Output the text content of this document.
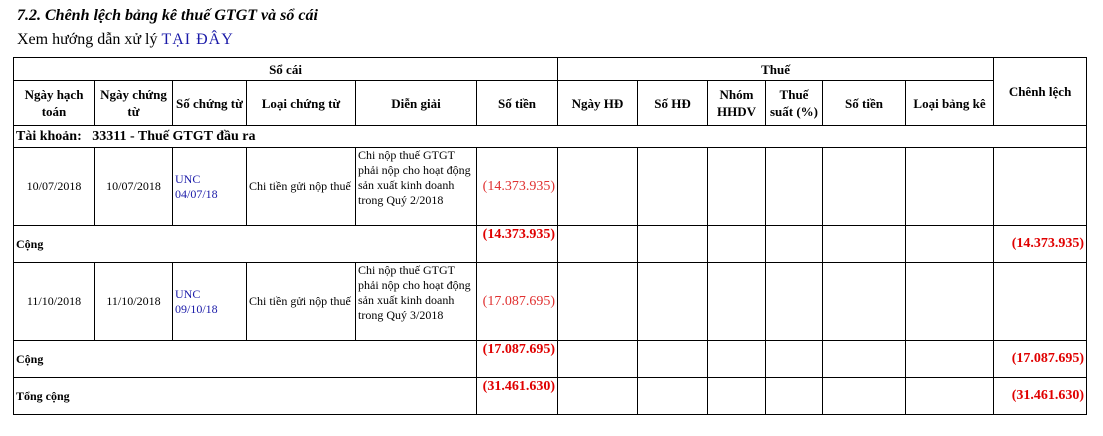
7.2. Chênh lệch bảng kê thuế GTGT và sổ cái
Xem hướng dẫn xử lý TẠI ĐÂY
Sổ cái						Thuế						Chênh lệch
Ngày hạch toán	Ngày chứng từ	Số chứng từ	Loại chứng từ	Diễn giải	Số tiền	Ngày HĐ	Số HĐ	Nhóm HHDV	Thuế suất (%)	Số tiền	Loại bảng kê	
Tài khoản: 33311 - Thuế GTGT đầu ra												
10/07/2018	10/07/2018	UNC 04/07/18	Chi tiền gửi nộp thuế	Chi nộp thuế GTGT phải nộp cho hoạt động sản xuất kinh doanh trong Quý 2/2018	(14.373.935)							
Cộng					(14.373.935)							(14.373.935)
11/10/2018	11/10/2018	UNC 09/10/18	Chi tiền gửi nộp thuế	Chi nộp thuế GTGT phải nộp cho hoạt động sản xuất kinh doanh trong Quý 3/2018	(17.087.695)							
Cộng					(17.087.695)							(17.087.695)
Tổng cộng					(31.461.630)							(31.461.630)
